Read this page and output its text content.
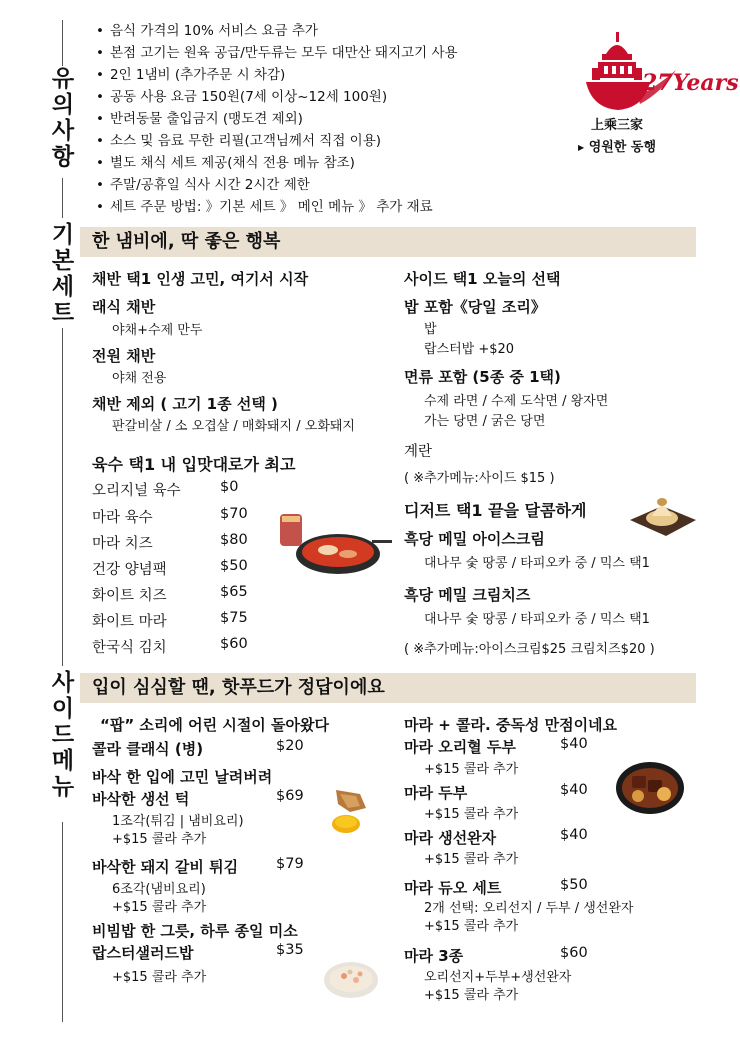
유의사항
기본세트
사이드 메뉴
• 음식 가격의 10% 서비스 요금 추가
• 본점 고기는 원육 공급/만두류는 모두 대만산 돼지고기 사용
• 2인 1냄비 (추가주문 시 차감)
• 공동 사용 요금 150원(7세 이상~12세 100원)
• 반려동물 출입금지 (맹도견 제외)
• 소스 및 음료 무한 리필(고객님께서 직접 이용)
• 별도 채식 세트 제공(채식 전용 메뉴 참조)
• 주말/공휴일 식사 시간 2시간 제한
• 세트 주문 방법: 》기본 세트 》 메인 메뉴 》 추가 재료
27Years
上乘三家
▶ 영원한 동행
한 냄비에, 딱 좋은 행복
채반 택1 인생 고민, 여기서 시작
래식 채반
야채+수제 만두
전원 채반
야채 전용
채반 제외 ( 고기 1종 선택 )
판갈비살 / 소 오겹살 / 매화돼지 / 오화돼지
육수 택1 내 입맛대로가 최고
오리지널 육수	$0
마라 육수	$70
마라 치즈	$80
건강 양념팩	$50
화이트 치즈	$65
화이트 마라	$75
한국식 김치	$60
사이드 택1 오늘의 선택
밥 포함《당일 조리》
밥
랍스터밥 +$20
면류 포함 (5종 중 1택)
수제 라면 / 수제 도삭면 / 왕자면
가는 당면 / 굵은 당면
계란
( ※추가메뉴:사이드 $15 )
디저트 택1 끝을 달콤하게
흑당 메밀 아이스크림
대나무 숯 땅콩 / 타피오카 중 / 믹스 택1
흑당 메밀 크림치즈
대나무 숯 땅콩 / 타피오카 중 / 믹스 택1
( ※추가메뉴:아이스크림$25 크림치즈$20 )
입이 심심할 땐, 핫푸드가 정답이에요
“팝” 소리에 어린 시절이 돌아왔다
콜라 클래식 (병)	$20
바삭 한 입에 고민 날려버려
바삭한 생선 턱	$69
1조각(튀김 | 냄비요리)
+$15 콜라 추가
바삭한 돼지 갈비 튀김	$79
6조각(냄비요리)
+$15 콜라 추가
비빔밥 한 그릇, 하루 종일 미소
랍스터샐러드밥	$35
+$15 콜라 추가
마라 + 콜라. 중독성 만점이네요
마라 오리혈 두부	$40
+$15 콜라 추가
마라 두부	$40
+$15 콜라 추가
마라 생선완자	$40
+$15 콜라 추가
마라 듀오 세트	$50
2개 선택: 오리선지 / 두부 / 생선완자
+$15 콜라 추가
마라 3종	$60
오리선지+두부+생선완자
+$15 콜라 추가
